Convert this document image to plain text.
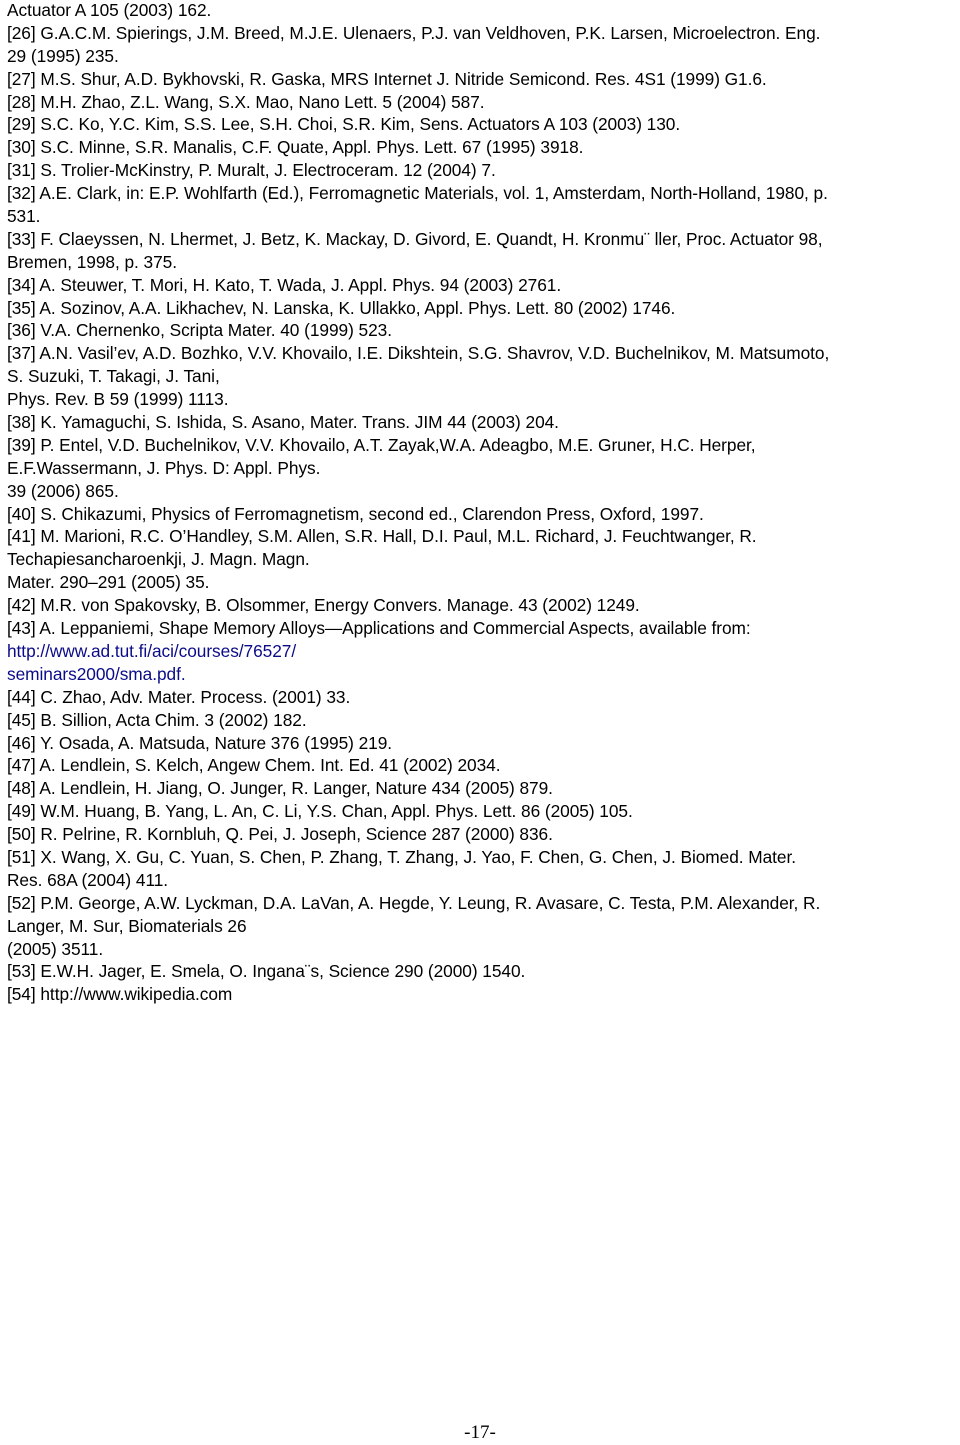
Actuator A 105 (2003) 162.
[26] G.A.C.M. Spierings, J.M. Breed, M.J.E. Ulenaers, P.J. van Veldhoven, P.K. Larsen, Microelectron. Eng.
29 (1995) 235.
[27] M.S. Shur, A.D. Bykhovski, R. Gaska, MRS Internet J. Nitride Semicond. Res. 4S1 (1999) G1.6.
[28] M.H. Zhao, Z.L. Wang, S.X. Mao, Nano Lett. 5 (2004) 587.
[29] S.C. Ko, Y.C. Kim, S.S. Lee, S.H. Choi, S.R. Kim, Sens. Actuators A 103 (2003) 130.
[30] S.C. Minne, S.R. Manalis, C.F. Quate, Appl. Phys. Lett. 67 (1995) 3918.
[31] S. Trolier-McKinstry, P. Muralt, J. Electroceram. 12 (2004) 7.
[32] A.E. Clark, in: E.P. Wohlfarth (Ed.), Ferromagnetic Materials, vol. 1, Amsterdam, North-Holland, 1980, p.
531.
[33] F. Claeyssen, N. Lhermet, J. Betz, K. Mackay, D. Givord, E. Quandt, H. Kronmu¨ ller, Proc. Actuator 98,
Bremen, 1998, p. 375.
[34] A. Steuwer, T. Mori, H. Kato, T. Wada, J. Appl. Phys. 94 (2003) 2761.
[35] A. Sozinov, A.A. Likhachev, N. Lanska, K. Ullakko, Appl. Phys. Lett. 80 (2002) 1746.
[36] V.A. Chernenko, Scripta Mater. 40 (1999) 523.
[37] A.N. Vasil’ev, A.D. Bozhko, V.V. Khovailo, I.E. Dikshtein, S.G. Shavrov, V.D. Buchelnikov, M. Matsumoto,
S. Suzuki, T. Takagi, J. Tani,
Phys. Rev. B 59 (1999) 1113.
[38] K. Yamaguchi, S. Ishida, S. Asano, Mater. Trans. JIM 44 (2003) 204.
[39] P. Entel, V.D. Buchelnikov, V.V. Khovailo, A.T. Zayak,W.A. Adeagbo, M.E. Gruner, H.C. Herper,
E.F.Wassermann, J. Phys. D: Appl. Phys.
39 (2006) 865.
[40] S. Chikazumi, Physics of Ferromagnetism, second ed., Clarendon Press, Oxford, 1997.
[41] M. Marioni, R.C. O’Handley, S.M. Allen, S.R. Hall, D.I. Paul, M.L. Richard, J. Feuchtwanger, R.
Techapiesancharoenkji, J. Magn. Magn.
Mater. 290–291 (2005) 35.
[42] M.R. von Spakovsky, B. Olsommer, Energy Convers. Manage. 43 (2002) 1249.
[43] A. Leppaniemi, Shape Memory Alloys—Applications and Commercial Aspects, available from:
http://www.ad.tut.fi/aci/courses/76527/
seminars2000/sma.pdf.
[44] C. Zhao, Adv. Mater. Process. (2001) 33.
[45] B. Sillion, Acta Chim. 3 (2002) 182.
[46] Y. Osada, A. Matsuda, Nature 376 (1995) 219.
[47] A. Lendlein, S. Kelch, Angew Chem. Int. Ed. 41 (2002) 2034.
[48] A. Lendlein, H. Jiang, O. Junger, R. Langer, Nature 434 (2005) 879.
[49] W.M. Huang, B. Yang, L. An, C. Li, Y.S. Chan, Appl. Phys. Lett. 86 (2005) 105.
[50] R. Pelrine, R. Kornbluh, Q. Pei, J. Joseph, Science 287 (2000) 836.
[51] X. Wang, X. Gu, C. Yuan, S. Chen, P. Zhang, T. Zhang, J. Yao, F. Chen, G. Chen, J. Biomed. Mater.
Res. 68A (2004) 411.
[52] P.M. George, A.W. Lyckman, D.A. LaVan, A. Hegde, Y. Leung, R. Avasare, C. Testa, P.M. Alexander, R.
Langer, M. Sur, Biomaterials 26
(2005) 3511.
[53] E.W.H. Jager, E. Smela, O. Ingana¨s, Science 290 (2000) 1540.
[54] http://www.wikipedia.com
-17-
